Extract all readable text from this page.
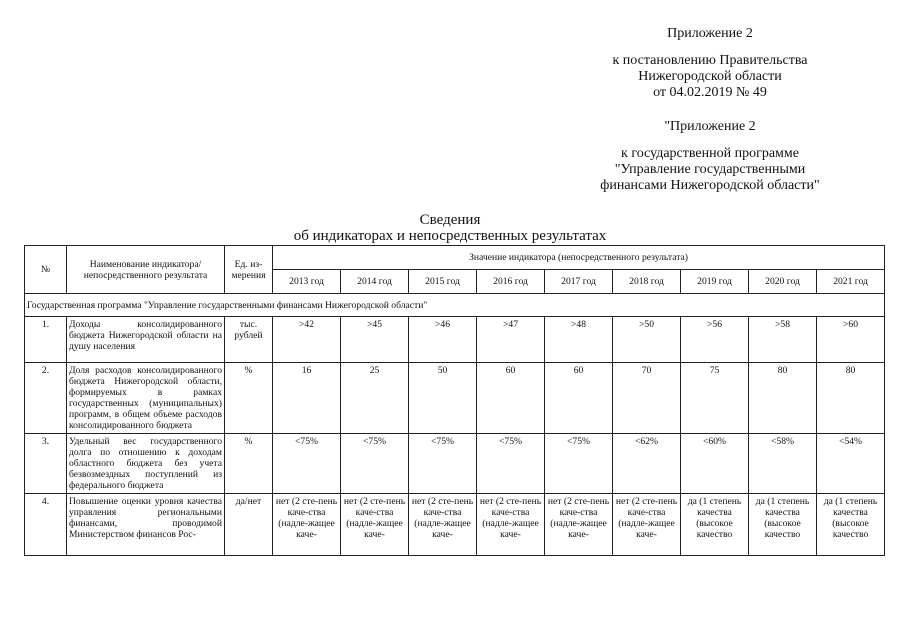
Приложение 2
к постановлению Правительства
Нижегородской области
от 04.02.2019 № 49
"Приложение 2
к государственной программе
"Управление государственными
финансами Нижегородской области"
Сведения
об индикаторах и непосредственных результатах
№	Наименование индикатора/ непосредственного результата	Ед. из-мерения	Значение индикатора (непосредственного результата)								
			2013 год	2014 год	2015 год	2016 год	2017 год	2018 год	2019 год	2020 год	2021 год
Государственная программа "Управление государственными финансами Нижегородской области"											
1.	Доходы консолидированного бюджета Нижегородской области на душу населения	тыс. рублей	>42	>45	>46	>47	>48	>50	>56	>58	>60
2.	Доля расходов консолидированного бюджета Нижегородской области, формируемых в рамках государственных (муниципальных) программ, в общем объеме расходов консолидированного бюджета	%	16	25	50	60	60	70	75	80	80
3.	Удельный вес государственного долга по отношению к доходам областного бюджета без учета безвозмездных поступлений из федерального бюджета	%	<75%	<75%	<75%	<75%	<75%	<62%	<60%	<58%	<54%
4.	Повышение оценки уровня качества управления региональными финансами, проводимой Министерством финансов Рос-	да/нет	нет (2 сте-пень каче-ства (надле-жащее каче-	нет (2 сте-пень каче-ства (надле-жащее каче-	нет (2 сте-пень каче-ства (надле-жащее каче-	нет (2 сте-пень каче-ства (надле-жащее каче-	нет (2 сте-пень каче-ства (надле-жащее каче-	нет (2 сте-пень каче-ства (надле-жащее каче-	да (1 степень качества (высокое качество	да (1 степень качества (высокое качество	да (1 степень качества (высокое качество
